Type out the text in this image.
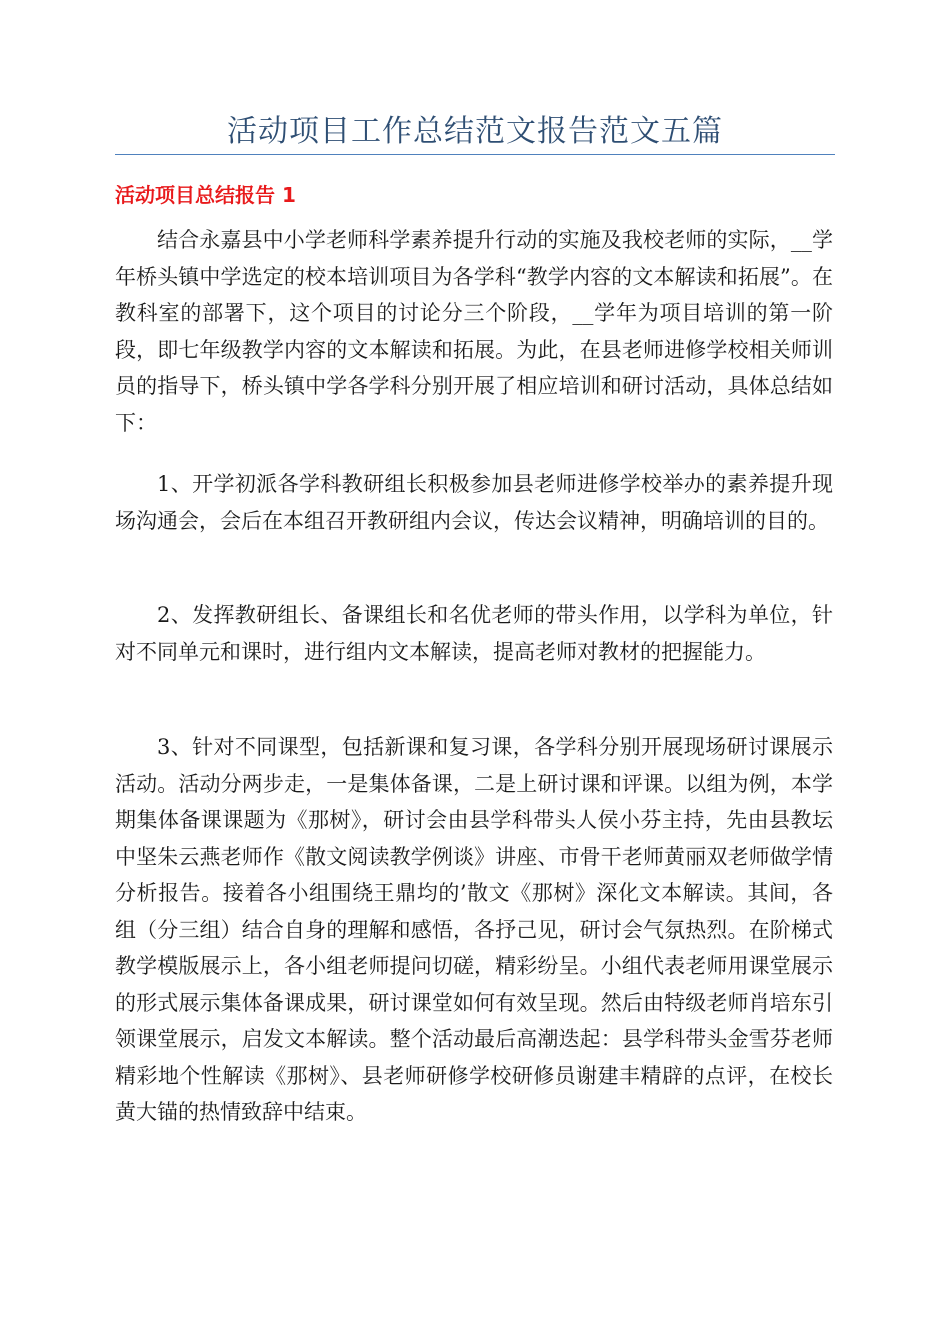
活动项目工作总结范文报告范文五篇
活动项目总结报告 1

结合永嘉县中小学老师科学素养提升行动的实施及我校老师的实际，__学年桥头镇中学选定的校本培训项目为各学科“教学内容的文本解读和拓展”。在教科室的部署下，这个项目的讨论分三个阶段，__学年为项目培训的第一阶段，即七年级教学内容的文本解读和拓展。为此，在县老师进修学校相关师训员的指导下，桥头镇中学各学科分别开展了相应培训和研讨活动，具体总结如下：

1、开学初派各学科教研组长积极参加县老师进修学校举办的素养提升现场沟通会，会后在本组召开教研组内会议，传达会议精神，明确培训的目的。

2、发挥教研组长、备课组长和名优老师的带头作用，以学科为单位，针对不同单元和课时，进行组内文本解读，提高老师对教材的把握能力。

3、针对不同课型，包括新课和复习课，各学科分别开展现场研讨课展示活动。活动分两步走，一是集体备课，二是上研讨课和评课。以组为例，本学期集体备课课题为《那树》，研讨会由县学科带头人侯小芬主持，先由县教坛中坚朱云燕老师作《散文阅读教学例谈》讲座、市骨干老师黄丽双老师做学情分析报告。接着各小组围绕王鼎均的’散文《那树》深化文本解读。其间，各组（分三组）结合自身的理解和感悟，各抒己见，研讨会气氛热烈。在阶梯式教学模版展示上，各小组老师提问切磋，精彩纷呈。小组代表老师用课堂展示的形式展示集体备课成果，研讨课堂如何有效呈现。然后由特级老师肖培东引领课堂展示，启发文本解读。整个活动最后高潮迭起：县学科带头金雪芬老师精彩地个性解读《那树》、县老师研修学校研修员谢建丰精辟的点评，在校长黄大锚的热情致辞中结束。
